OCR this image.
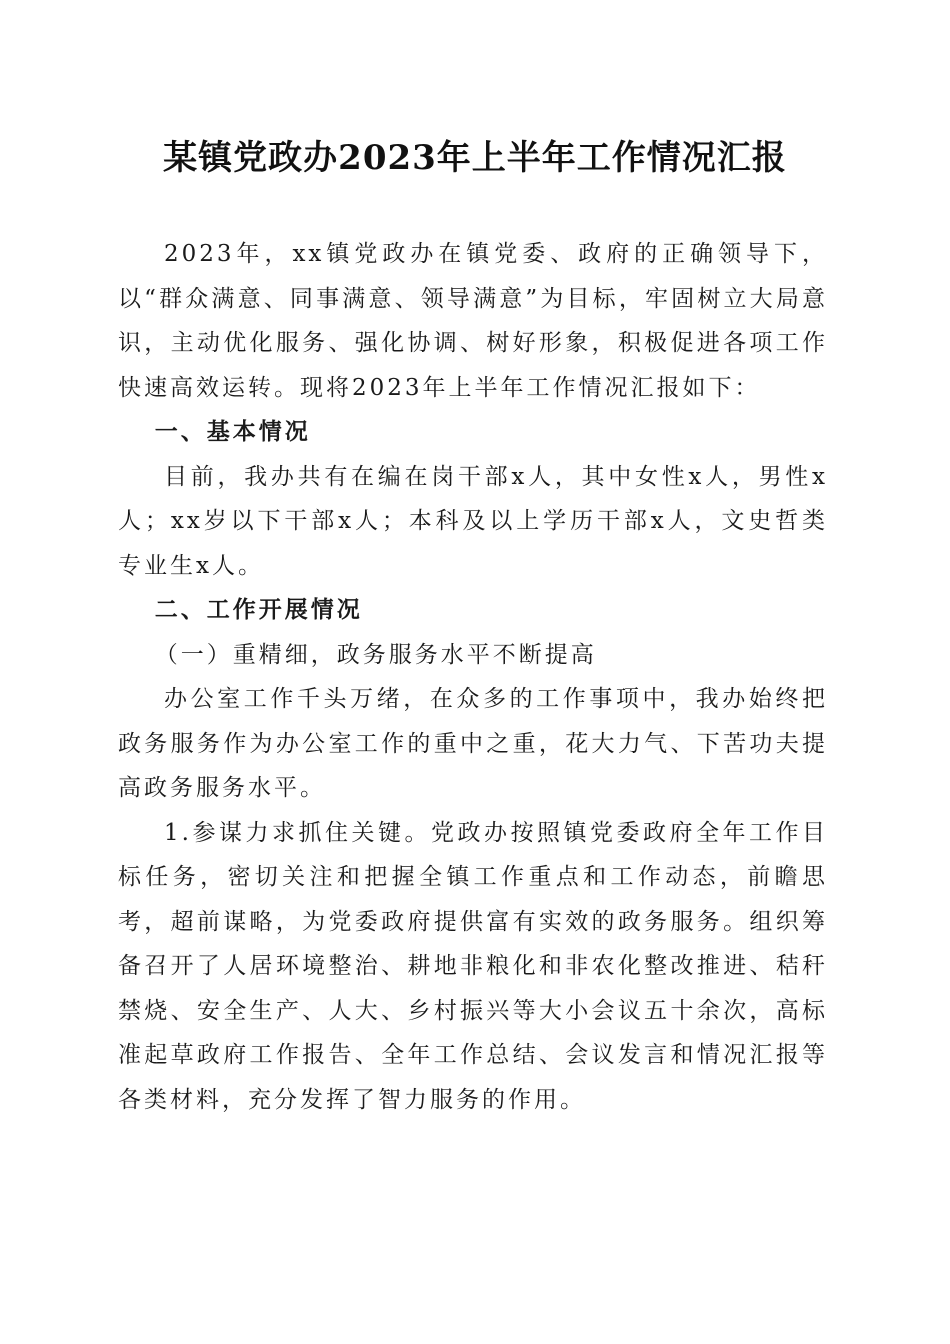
某镇党政办2023年上半年工作情况汇报

2023年，xx镇党政办在镇党委、政府的正确领导下，以“群众满意、同事满意、领导满意”为目标，牢固树立大局意识，主动优化服务、强化协调、树好形象，积极促进各项工作快速高效运转。现将2023年上半年工作情况汇报如下：

一、基本情况

目前，我办共有在编在岗干部x人，其中女性x人，男性x人；xx岁以下干部x人；本科及以上学历干部x人，文史哲类专业生x人。

二、工作开展情况
（一）重精细，政务服务水平不断提高

办公室工作千头万绪，在众多的工作事项中，我办始终把政务服务作为办公室工作的重中之重，花大力气、下苦功夫提高政务服务水平。

1.参谋力求抓住关键。党政办按照镇党委政府全年工作目标任务，密切关注和把握全镇工作重点和工作动态，前瞻思考，超前谋略，为党委政府提供富有实效的政务服务。组织筹备召开了人居环境整治、耕地非粮化和非农化整改推进、秸秆禁烧、安全生产、人大、乡村振兴等大小会议五十余次，高标准起草政府工作报告、全年工作总结、会议发言和情况汇报等各类材料，充分发挥了智力服务的作用。
